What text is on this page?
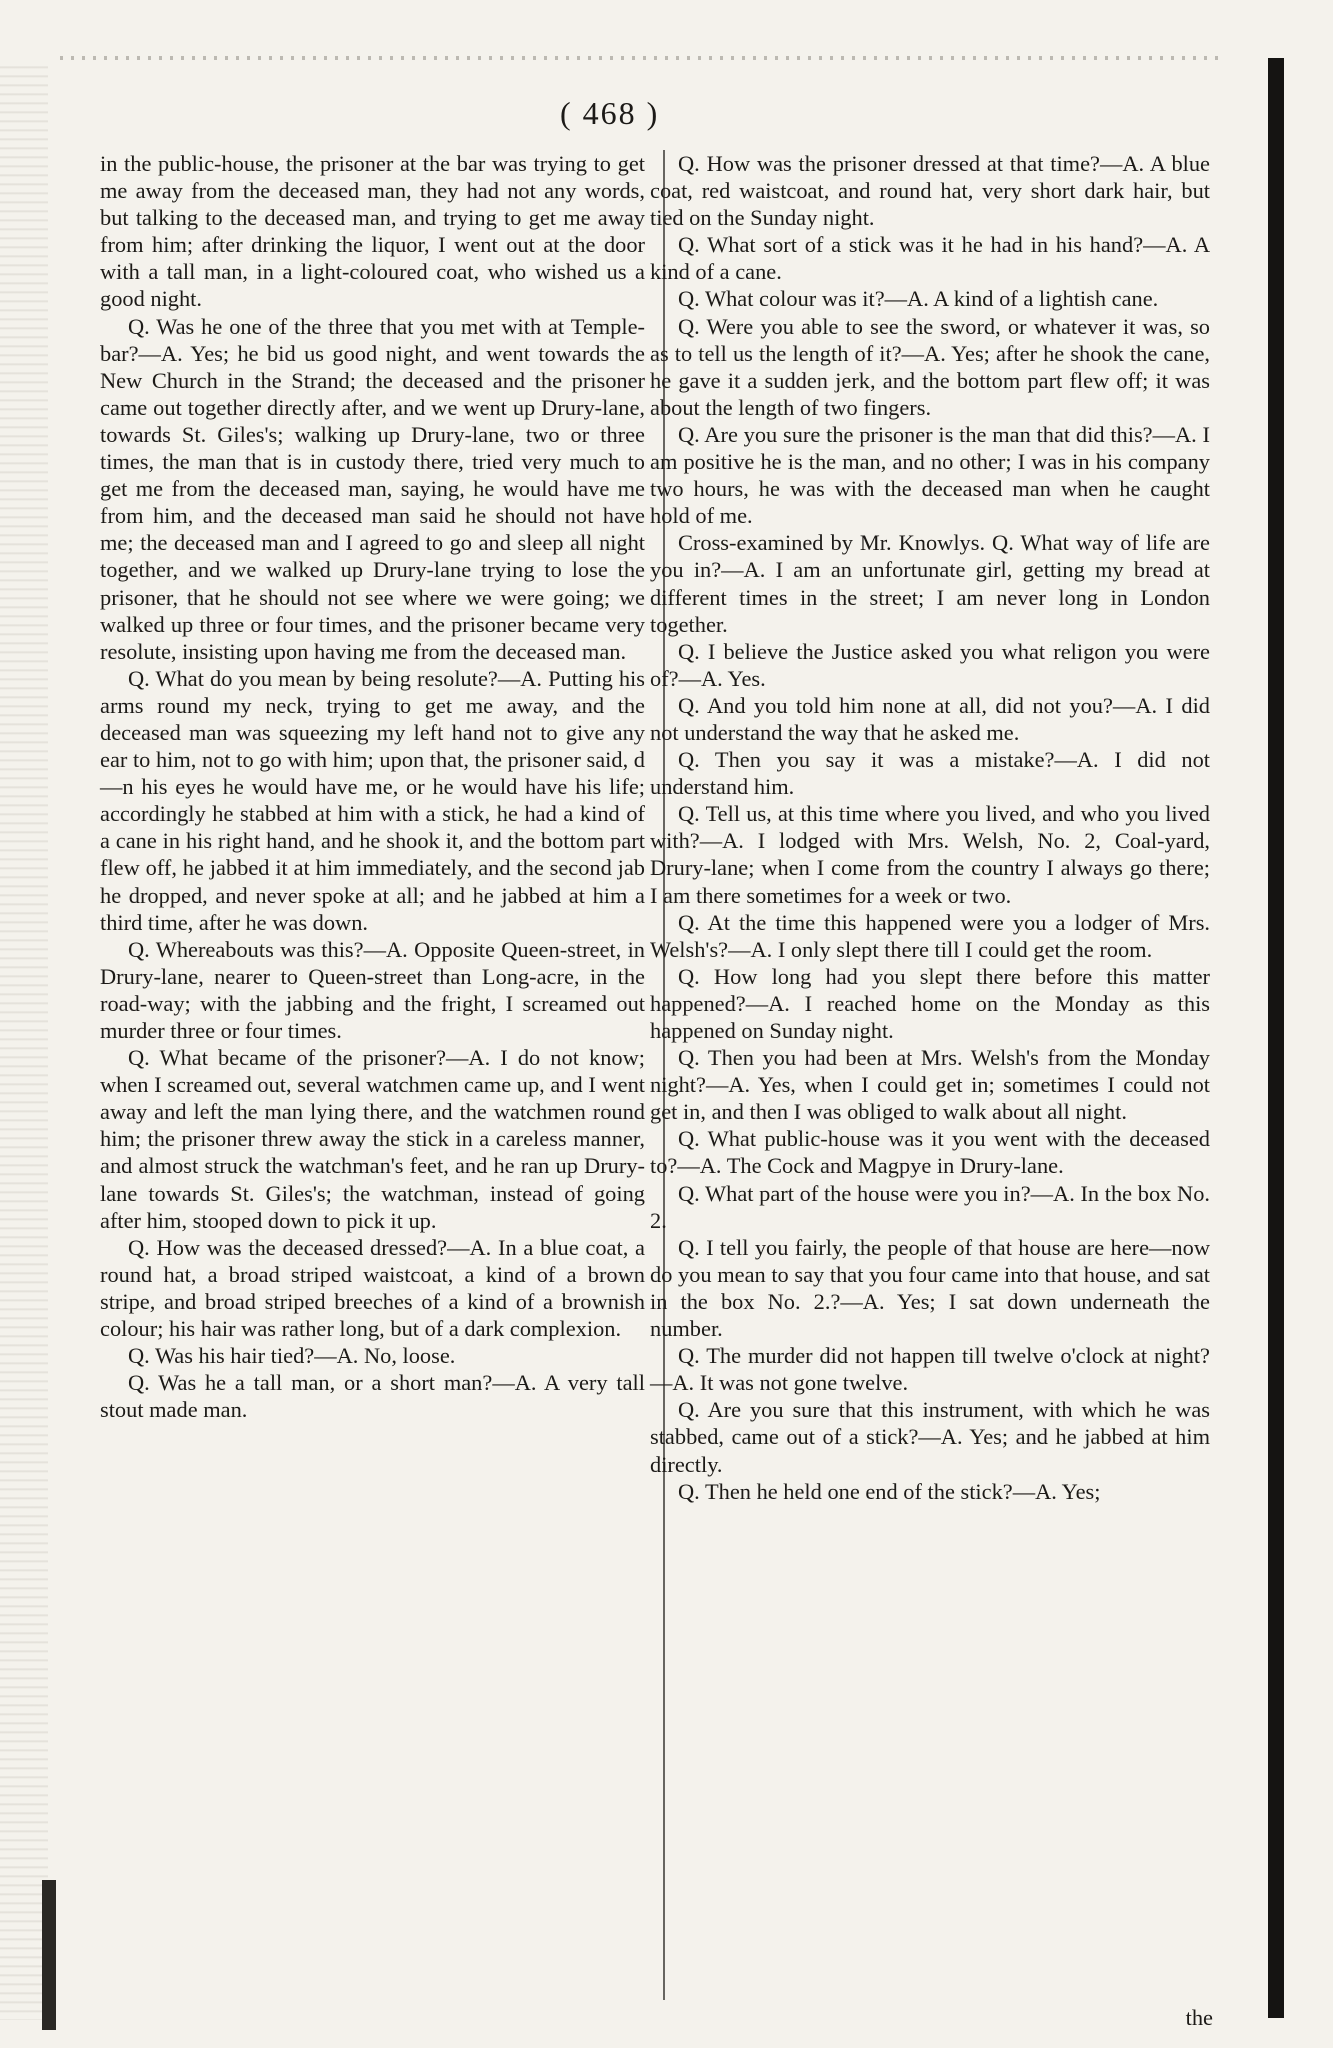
( 468 )

in the public-house, the prisoner at the bar was trying to get me away from the deceased man, they had not any words, but talking to the deceased man, and trying to get me away from him; after drinking the liquor, I went out at the door with a tall man, in a light-coloured coat, who wished us a good night.

Q. Was he one of the three that you met with at Temple-bar?—A. Yes; he bid us good night, and went towards the New Church in the Strand; the deceased and the prisoner came out together directly after, and we went up Drury-lane, towards St. Giles's; walking up Drury-lane, two or three times, the man that is in custody there, tried very much to get me from the deceased man, saying, he would have me from him, and the deceased man said he should not have me; the deceased man and I agreed to go and sleep all night together, and we walked up Drury-lane trying to lose the prisoner, that he should not see where we were going; we walked up three or four times, and the prisoner became very resolute, insisting upon having me from the deceased man.

Q. What do you mean by being resolute?—A. Putting his arms round my neck, trying to get me away, and the deceased man was squeezing my left hand not to give any ear to him, not to go with him; upon that, the prisoner said, d—n his eyes he would have me, or he would have his life; accordingly he stabbed at him with a stick, he had a kind of a cane in his right hand, and he shook it, and the bottom part flew off, he jabbed it at him immediately, and the second jab he dropped, and never spoke at all; and he jabbed at him a third time, after he was down.

Q. Whereabouts was this?—A. Opposite Queen-street, in Drury-lane, nearer to Queen-street than Long-acre, in the road-way; with the jabbing and the fright, I screamed out murder three or four times.

Q. What became of the prisoner?—A. I do not know; when I screamed out, several watchmen came up, and I went away and left the man lying there, and the watchmen round him; the prisoner threw away the stick in a careless manner, and almost struck the watchman's feet, and he ran up Drury-lane towards St. Giles's; the watchman, instead of going after him, stooped down to pick it up.

Q. How was the deceased dressed?—A. In a blue coat, a round hat, a broad striped waistcoat, a kind of a brown stripe, and broad striped breeches of a kind of a brownish colour; his hair was rather long, but of a dark complexion.

Q. Was his hair tied?—A. No, loose.

Q. Was he a tall man, or a short man?—A. A very tall stout made man.

Q. How was the prisoner dressed at that time?—A. A blue coat, red waistcoat, and round hat, very short dark hair, but tied on the Sunday night.

Q. What sort of a stick was it he had in his hand?—A. A kind of a cane.

Q. What colour was it?—A. A kind of a lightish cane.

Q. Were you able to see the sword, or whatever it was, so as to tell us the length of it?—A. Yes; after he shook the cane, he gave it a sudden jerk, and the bottom part flew off; it was about the length of two fingers.

Q. Are you sure the prisoner is the man that did this?—A. I am positive he is the man, and no other; I was in his company two hours, he was with the deceased man when he caught hold of me.

Cross-examined by Mr. Knowlys. Q. What way of life are you in?—A. I am an unfortunate girl, getting my bread at different times in the street; I am never long in London together.

Q. I believe the Justice asked you what religon you were of?—A. Yes.

Q. And you told him none at all, did not you?—A. I did not understand the way that he asked me.

Q. Then you say it was a mistake?—A. I did not understand him.

Q. Tell us, at this time where you lived, and who you lived with?—A. I lodged with Mrs. Welsh, No. 2, Coal-yard, Drury-lane; when I come from the country I always go there; I am there sometimes for a week or two.

Q. At the time this happened were you a lodger of Mrs. Welsh's?—A. I only slept there till I could get the room.

Q. How long had you slept there before this matter happened?—A. I reached home on the Monday as this happened on Sunday night.

Q. Then you had been at Mrs. Welsh's from the Monday night?—A. Yes, when I could get in; sometimes I could not get in, and then I was obliged to walk about all night.

Q. What public-house was it you went with the deceased to?—A. The Cock and Magpye in Drury-lane.

Q. What part of the house were you in?—A. In the box No. 2.

Q. I tell you fairly, the people of that house are here—now do you mean to say that you four came into that house, and sat in the box No. 2.?—A. Yes; I sat down underneath the number.

Q. The murder did not happen till twelve o'clock at night?—A. It was not gone twelve.

Q. Are you sure that this instrument, with which he was stabbed, came out of a stick?—A. Yes; and he jabbed at him directly.

Q. Then he held one end of the stick?—A. Yes;

the
